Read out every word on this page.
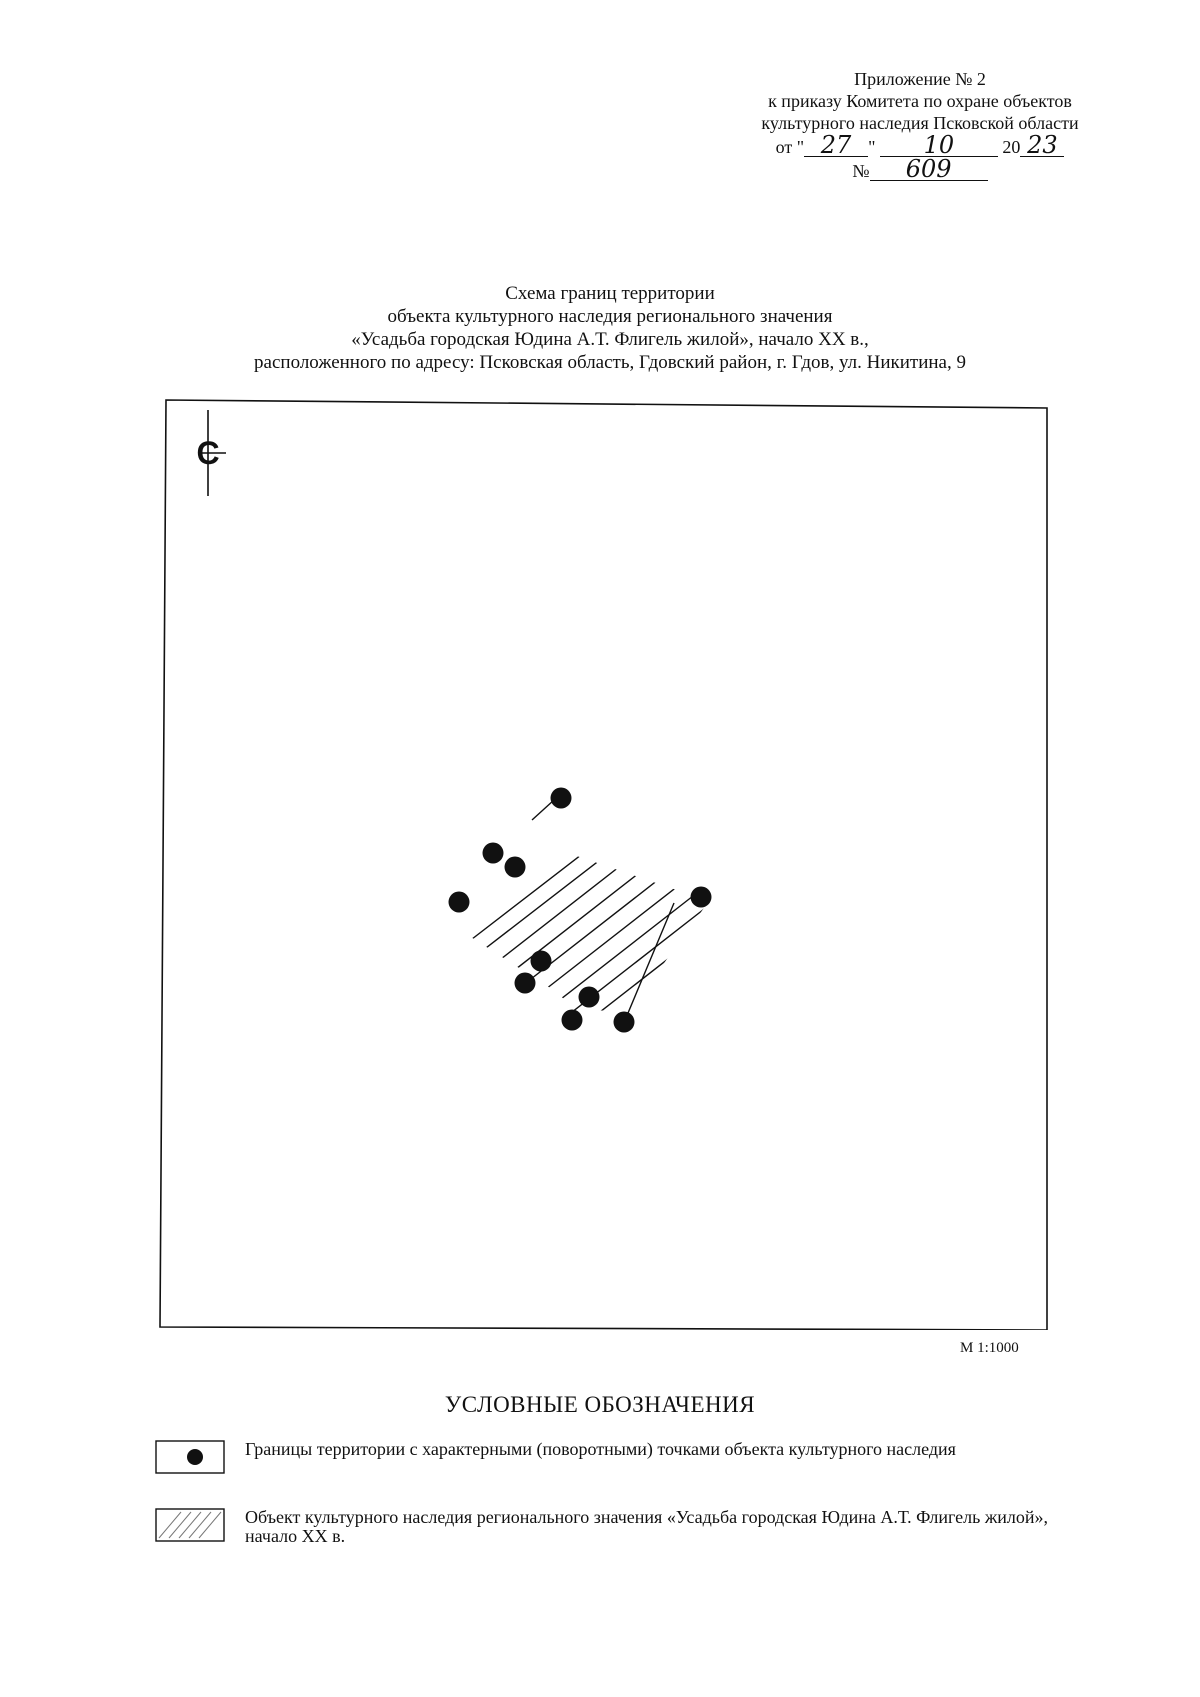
Приложение № 2
к приказу Комитета по охране объектов
культурного наследия Псковской области
от " 27 " 10	20 23
№ 609
Схема границ территории
объекта культурного наследия регионального значения
«Усадьба городская Юдина А.Т. Флигель жилой», начало XX в.,
расположенного по адресу: Псковская область, Гдовский район, г. Гдов, ул. Никитина, 9
С
М 1:1000
УСЛОВНЫЕ ОБОЗНАЧЕНИЯ
Границы территории с характерными (поворотными) точками объекта культурного наследия
Объект культурного наследия регионального значения «Усадьба городская Юдина А.Т. Флигель жилой», начало XX в.
